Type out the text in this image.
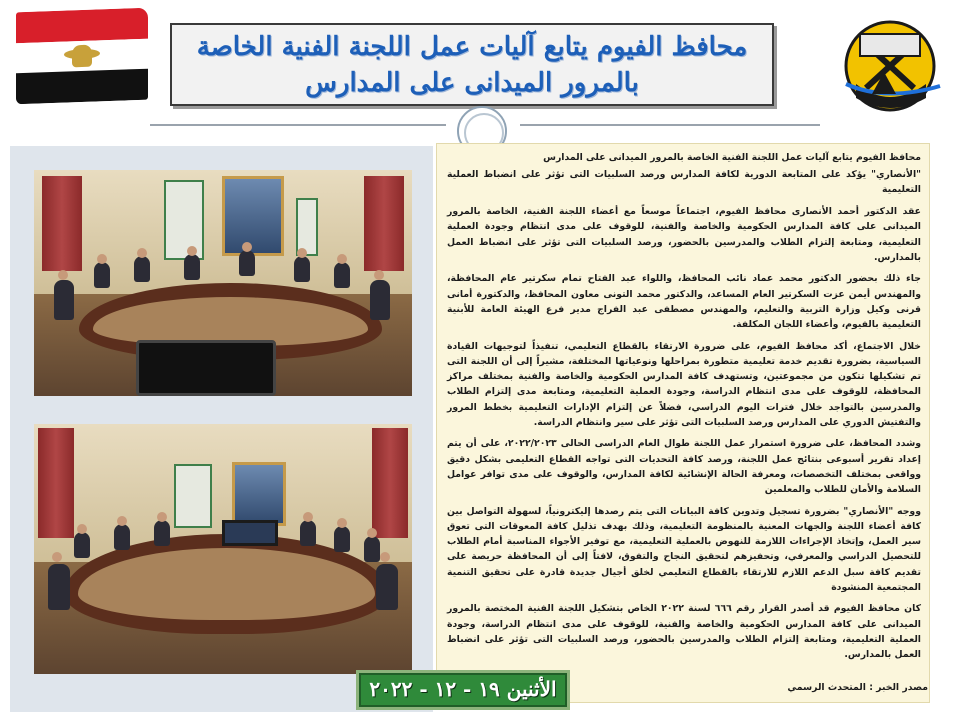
محافظ الفيوم يتابع آليات عمل اللجنة الفنية الخاصة
بالمرور الميدانى على المدارس

محافظ الفيوم يتابع آليات عمل اللجنة الفنية الخاصة بالمرور الميدانى على المدارس

"الأنصاري" يؤكد على المتابعة الدورية لكافة المدارس ورصد السلبيات التى تؤثر على انضباط العملية التعليمية

عقد الدكتور أحمد الأنصارى محافظ الفيوم، اجتماعاً موسعاً مع أعضاء اللجنة الفنية، الخاصة بالمرور الميدانى على كافة المدارس الحكومية والخاصة والفنية، للوقوف على مدى انتظام وجودة العملية التعليمية، ومتابعة إلتزام الطلاب والمدرسين بالحضور، ورصد السلبيات التى تؤثر على انضباط العمل بالمدارس.

جاء ذلك بحضور الدكتور محمد عماد نائب المحافظ، واللواء عبد الفتاح تمام سكرتير عام المحافظة، والمهندس أيمن عزت السكرتير العام المساعد، والدكتور محمد التونى معاون المحافظ، والدكتورة أمانى قرنى وكيل وزارة التربية والتعليم، والمهندس مصطفى عبد الفراج مدير فرع الهيئة العامة للأبنية التعليمية بالفيوم، وأعضاء اللجان المكلفة.

خلال الاجتماع، أكد محافظ الفيوم، على ضرورة الارتقاء بالقطاع التعليمي، تنفيذاً لتوجيهات القيادة السياسية، بضرورة تقديم خدمة تعليمية متطورة بمراحلها ونوعياتها المختلفة، مشيراً إلى أن اللجنة التى تم تشكيلها تتكون من مجموعتين، وتستهدف كافة المدارس الحكومية والخاصة والفنية بمختلف مراكز المحافظة، للوقوف على مدى انتظام الدراسة، وجودة العملية التعليمية، ومتابعة مدى إلتزام الطلاب والمدرسين بالتواجد خلال فترات اليوم الدراسي، فضلاً عن إلتزام الإدارات التعليمية بخطط المرور والتفتيش الدوري على المدارس ورصد السلبيات التى تؤثر على سير وانتظام الدراسة.

وشدد المحافظ، على ضرورة استمرار عمل اللجنة طوال العام الدراسى الحالى ٢٠٢٢/٢٠٢٣، على أن يتم إعداد تقرير أسبوعى بنتائج عمل اللجنة، ورصد كافة التحديات التى تواجه القطاع التعليمى بشكل دقيق وواقعى بمختلف التخصصات، ومعرفة الحالة الإنشائية لكافة المدارس، والوقوف على مدى توافر عوامل السلامة والأمان للطلاب والمعلمين

ووجه "الأنصاري" بضرورة تسجيل وتدوين كافة البيانات التى يتم رصدها إليكترونياً، لسهولة التواصل بين كافة أعضاء اللجنة والجهات المعنية بالمنظومة التعليمية، وذلك بهدف تذليل كافة المعوقات التى تعوق سير العمل، وإتخاذ الإجراءات اللازمة للنهوض بالعملية التعليمية، مع توفير الأجواء المناسبة أمام الطلاب للتحصيل الدراسي والمعرفي، وتحفيزهم لتحقيق النجاح والتفوق، لافتاً إلى أن المحافظة حريصة على تقديم كافة سبل الدعم اللازم للارتقاء بالقطاع التعليمي لخلق أجيال جديدة قادرة على تحقيق التنمية المجتمعية المنشودة

كان محافظ الفيوم قد أصدر القرار رقم ٦٦٦ لسنة ٢٠٢٢ الخاص بتشكيل اللجنة الفنية المختصة بالمرور الميدانى على كافة المدارس الحكومية والخاصة والفنية، للوقوف على مدى انتظام الدراسة، وجودة العملية التعليمية، ومتابعة إلتزام الطلاب والمدرسين بالحضور، ورصد السلبيات التى تؤثر على انضباط العمل بالمدارس.

مصدر الخبر : المتحدث الرسمي
الأثنين ١٩ - ١٢ - ٢٠٢٢
